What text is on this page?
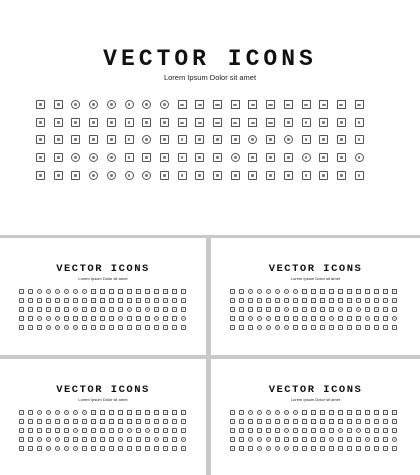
VECTOR ICONS
Lorem Ipsum Dolor sit amet
VECTOR ICONS
Lorem Ipsum Dolor sit amet
VECTOR ICONS
Lorem Ipsum Dolor sit amet
VECTOR ICONS
Lorem Ipsum Dolor sit amet
VECTOR ICONS
Lorem Ipsum Dolor sit amet
